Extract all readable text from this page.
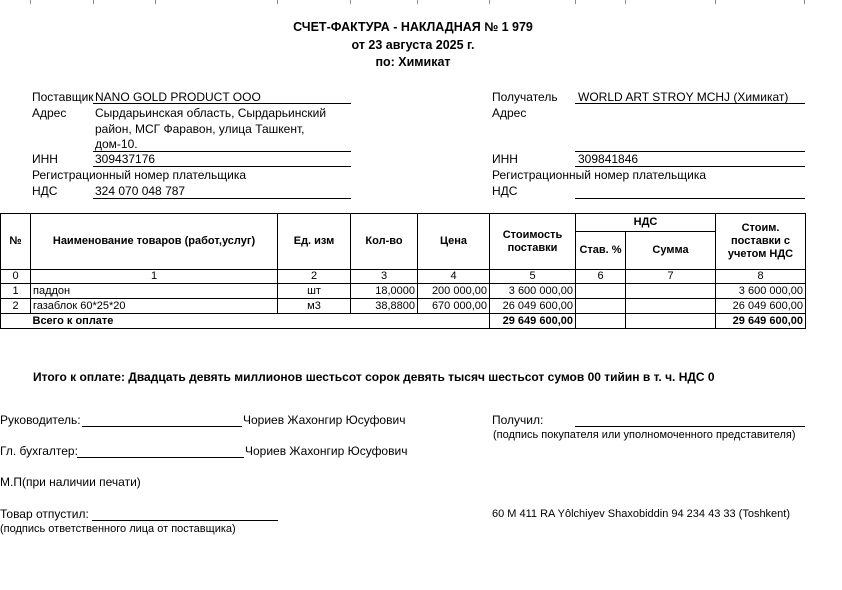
СЧЕТ-ФАКТУРА - НАКЛАДНАЯ № 1 979
от 23 августа 2025 г.
по: Химикат
Поставщик NANO GOLD PRODUCT OOO
Адрес Сырдарьинская область, Сырдарьинский
район, МСГ Фаравон, улица Ташкент,
дом-10.
ИНН	309437176
Регистрационный номер плательщика
НДС	324 070 048 787
Получатель WORLD ART STROY MCHJ (Химикат)
Адрес
ИНН	309841846
Регистрационный номер плательщика
НДС
№	Наименование товаров (работ,услуг)	Ед. изм	Кол-во	Цена	Стоимость поставки	НДС		Стоим. поставки с учетом НДС
						Став. %	Сумма	
0	1	2	3	4	5	6	7	8
1	паддон	шт	18,0000	200 000,00	3 600 000,00			3 600 000,00
2	газаблок 60*25*20	м3	38,8800	670 000,00	26 049 600,00			26 049 600,00
	Всего к оплате				29 649 600,00			29 649 600,00
Итого к оплате: Двадцать девять миллионов шестьсот сорок девять тысяч шестьсот сумов 00 тийин в т. ч. НДС 0
Руководитель:	Чориев Жахонгир Юсуфович
Гл. бухгалтер:	Чориев Жахонгир Юсуфович
М.П(при наличии печати)
Товар отпустил:
(подпись ответственного лица от поставщика)
Получил:
(подпись покупателя или уполномоченного представителя)
60 M 411 RA Yôlchiyev Shaxobiddin 94 234 43 33 (Toshkent)
